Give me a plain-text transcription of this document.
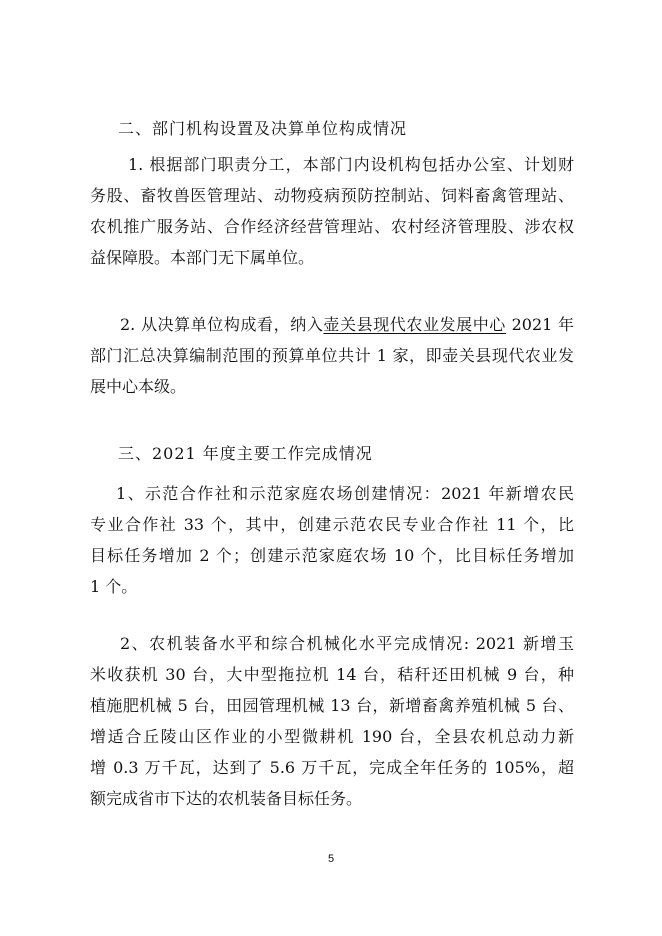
二、部门机构设置及决算单位构成情况

1. 根据部门职责分工，本部门内设机构包括办公室、计划财
务股、畜牧兽医管理站、动物疫病预防控制站、饲料畜禽管理站、
农机推广服务站、合作经济经营管理站、农村经济管理股、涉农权
益保障股。本部门无下属单位。

2. 从决算单位构成看，纳入壶关县现代农业发展中心 2021 年
部门汇总决算编制范围的预算单位共计 1 家，即壶关县现代农业发
展中心本级。

三、2021 年度主要工作完成情况

1、示范合作社和示范家庭农场创建情况：2021 年新增农民
专业合作社 33 个，其中，创建示范农民专业合作社 11 个，比
目标任务增加 2 个；创建示范家庭农场 10 个，比目标任务增加
1 个。

2、农机装备水平和综合机械化水平完成情况: 2021 新增玉
米收获机 30 台，大中型拖拉机 14 台，秸秆还田机械 9 台，种
植施肥机械 5 台，田园管理机械 13 台，新增畜禽养殖机械 5 台、
增适合丘陵山区作业的小型微耕机 190 台，全县农机总动力新
增 0.3 万千瓦，达到了 5.6 万千瓦，完成全年任务的 105%，超
额完成省市下达的农机装备目标任务。

5
